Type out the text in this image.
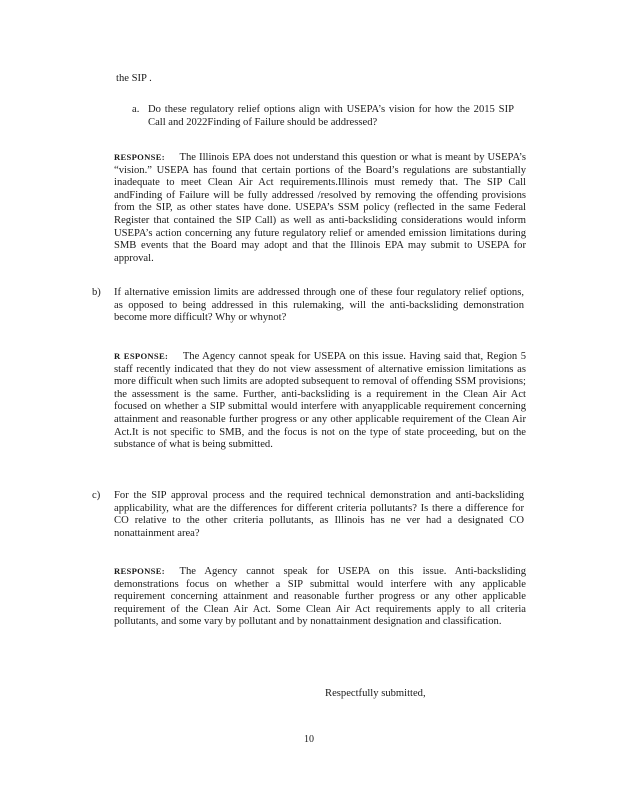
the SIP .

a. Do these regulatory relief options align with USEPA’s vision for how the 2015 SIP Call and 2022Finding of Failure should be addressed?

RESPONSE:  The Illinois EPA does not understand this question or what is meant by USEPA’s “vision.” USEPA has found that certain portions of the Board’s regulations are substantially inadequate to meet Clean Air Act requirements.Illinois must remedy that. The SIP Call andFinding of Failure will be fully addressed /resolved by removing the offending provisions from the SIP, as other states have done. USEPA’s SSM policy (reflected in the same Federal Register that contained the SIP Call) as well as anti-backsliding considerations would inform USEPA’s action concerning any future regulatory relief or amended emission limitations during SMB events that the Board may adopt and that the Illinois EPA may submit to USEPA for approval.

b) If alternative emission limits are addressed through one of these four regulatory relief options, as opposed to being addressed in this rulemaking, will the anti-backsliding demonstration become more difficult? Why or whynot?

R ESPONSE:  The Agency cannot speak for USEPA on this issue. Having said that, Region 5 staff recently indicated that they do not view assessment of alternative emission limitations as more difficult when such limits are adopted subsequent to removal of offending SSM provisions; the assessment is the same. Further, anti-backsliding is a requirement in the Clean Air Act focused on whether a SIP submittal would interfere with anyapplicable requirement concerning attainment and reasonable further progress or any other applicable requirement of the Clean Air Act.It is not specific to SMB, and the focus is not on the type of state proceeding, but on the substance of what is being submitted.

c) For the SIP approval process and the required technical demonstration and anti-backsliding applicability, what are the differences for different criteria pollutants? Is there a difference for CO relative to the other criteria pollutants, as Illinois has ne ver had a designated CO nonattainment area?

RESPONSE:  The Agency cannot speak for USEPA on this issue. Anti-backsliding demonstrations focus on whether a SIP submittal would interfere with any applicable requirement concerning attainment and reasonable further progress or any other applicable requirement of the Clean Air Act. Some Clean Air Act requirements apply to all criteria pollutants, and some vary by pollutant and by nonattainment designation and classification.

Respectfully submitted,
10
